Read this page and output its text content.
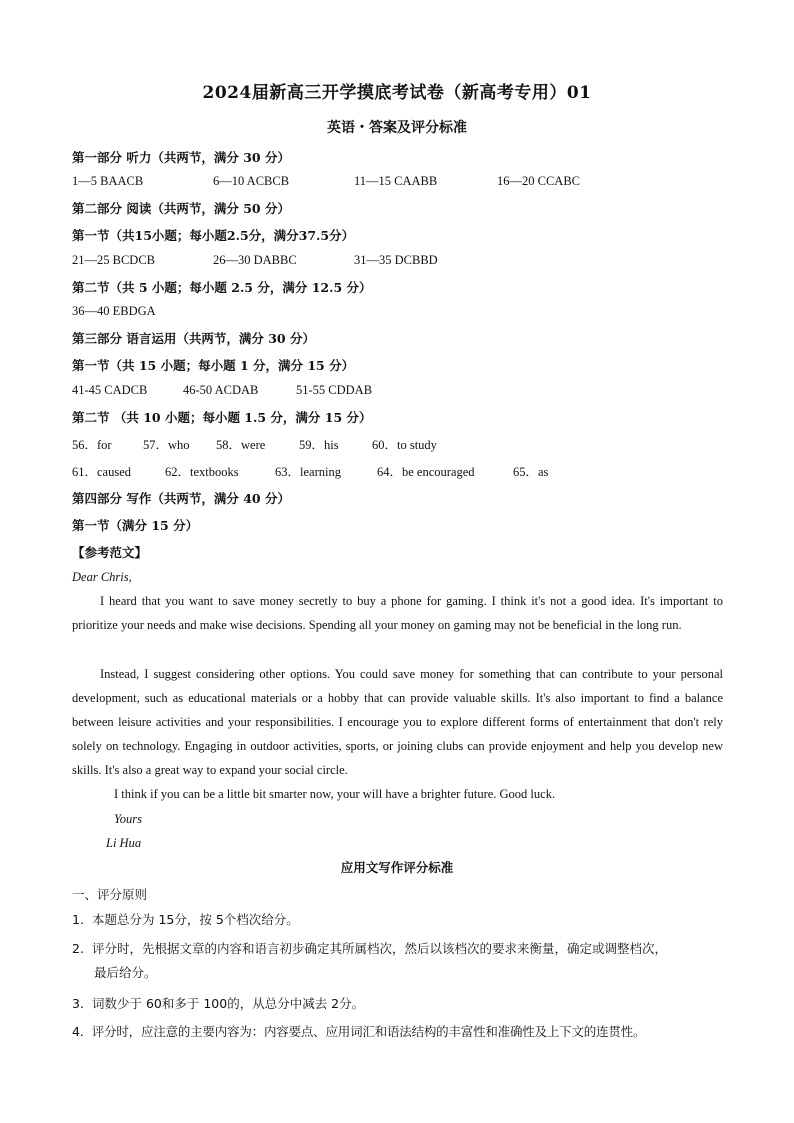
2024届新高三开学摸底考试卷（新高考专用）01
英语・答案及评分标准
第一部分 听力（共两节，满分 30 分）
1—5 BAACB	6—10 ACBCB	11—15 CAABB	16—20 CCABC
第二部分 阅读（共两节，满分 50 分）
第一节（共15小题；每小题2.5分，满分37.5分）
21—25 BCDCB	26—30 DABBC	31—35 DCBBD
第二节（共 5 小题；每小题 2.5 分，满分 12.5 分）
36—40 EBDGA
第三部分 语言运用（共两节，满分 30 分）
第一节（共 15 小题；每小题 1 分，满分 15 分）
41-45 CADCB	46-50 ACDAB	51-55 CDDAB
第二节 （共 10 小题；每小题 1.5 分，满分 15 分）
56．for	57．who 58．were	59．his	60．to study
61．caused	62．textbooks	63．learning	64．be encouraged	65．as
第四部分 写作（共两节，满分 40 分）
第一节（满分 15 分）
【参考范文】
Dear Chris,
I heard that you want to save money secretly to buy a phone for gaming. I think it's not a good idea. It's important to prioritize your needs and make wise decisions. Spending all your money on gaming may not be beneficial in the long run.
Instead, I suggest considering other options. You could save money for something that can contribute to your personal development, such as educational materials or a hobby that can provide valuable skills. It's also important to find a balance between leisure activities and your responsibilities. I encourage you to explore different forms of entertainment that don't rely solely on technology. Engaging in outdoor activities, sports, or joining clubs can provide enjoyment and help you develop new skills. It's also a great way to expand your social circle.
I think if you can be a little bit smarter now, your will have a brighter future. Good luck.
Yours
Li Hua
应用文写作评分标准
一、评分原则
1. 本题总分为 15分，按 5个档次给分。
2. 评分时，先根据文章的内容和语言初步确定其所属档次，然后以该档次的要求来衡量，确定或调整档次，
最后给分。
3. 词数少于 60和多于 100的，从总分中减去 2分。
4. 评分时，应注意的主要内容为：内容要点、应用词汇和语法结构的丰富性和准确性及上下文的连贯性。
